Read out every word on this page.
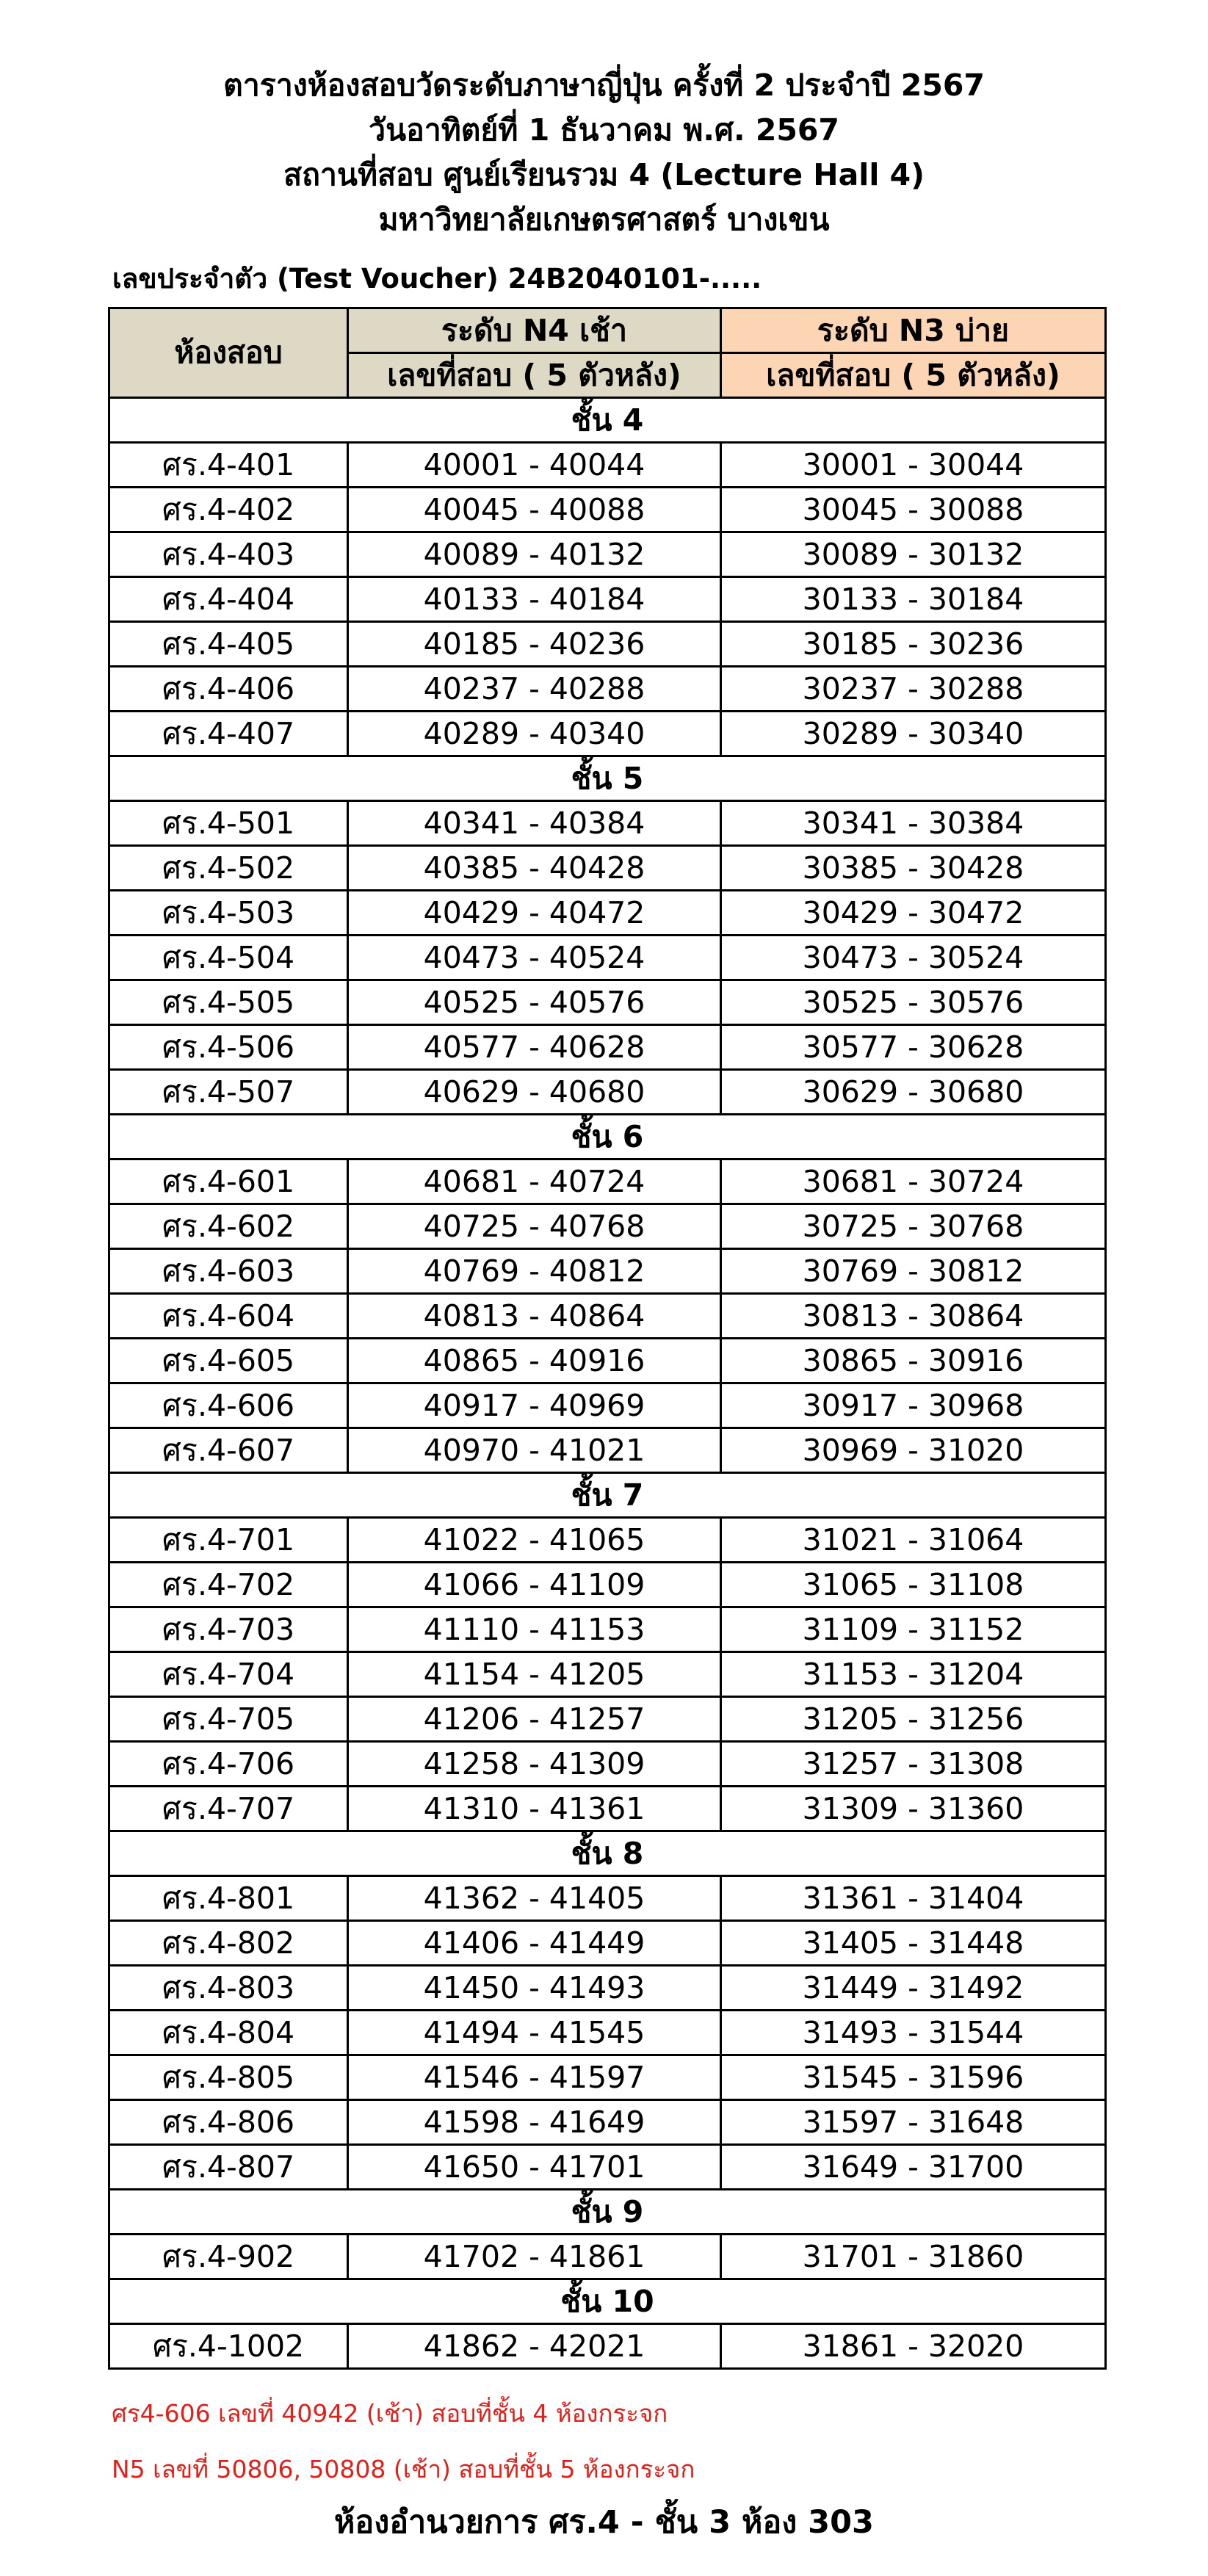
ตารางห้องสอบวัดระดับภาษาญี่ปุ่น ครั้งที่ 2 ประจำปี 2567

วันอาทิตย์ที่ 1 ธันวาคม พ.ศ. 2567

สถานที่สอบ ศูนย์เรียนรวม 4 (Lecture Hall 4)

มหาวิทยาลัยเกษตรศาสตร์ บางเขน

เลขประจำตัว (Test Voucher) 24B2040101-.....

ห้องสอบ	ระดับ N4 เช้า	ระดับ N3 บ่าย
	เลขที่สอบ ( 5 ตัวหลัง)	เลขที่สอบ ( 5 ตัวหลัง)
ชั้น 4		
ศร.4-401	40001 - 40044	30001 - 30044
ศร.4-402	40045 - 40088	30045 - 30088
ศร.4-403	40089 - 40132	30089 - 30132
ศร.4-404	40133 - 40184	30133 - 30184
ศร.4-405	40185 - 40236	30185 - 30236
ศร.4-406	40237 - 40288	30237 - 30288
ศร.4-407	40289 - 40340	30289 - 30340
ชั้น 5		
ศร.4-501	40341 - 40384	30341 - 30384
ศร.4-502	40385 - 40428	30385 - 30428
ศร.4-503	40429 - 40472	30429 - 30472
ศร.4-504	40473 - 40524	30473 - 30524
ศร.4-505	40525 - 40576	30525 - 30576
ศร.4-506	40577 - 40628	30577 - 30628
ศร.4-507	40629 - 40680	30629 - 30680
ชั้น 6		
ศร.4-601	40681 - 40724	30681 - 30724
ศร.4-602	40725 - 40768	30725 - 30768
ศร.4-603	40769 - 40812	30769 - 30812
ศร.4-604	40813 - 40864	30813 - 30864
ศร.4-605	40865 - 40916	30865 - 30916
ศร.4-606	40917 - 40969	30917 - 30968
ศร.4-607	40970 - 41021	30969 - 31020
ชั้น 7		
ศร.4-701	41022 - 41065	31021 - 31064
ศร.4-702	41066 - 41109	31065 - 31108
ศร.4-703	41110 - 41153	31109 - 31152
ศร.4-704	41154 - 41205	31153 - 31204
ศร.4-705	41206 - 41257	31205 - 31256
ศร.4-706	41258 - 41309	31257 - 31308
ศร.4-707	41310 - 41361	31309 - 31360
ชั้น 8		
ศร.4-801	41362 - 41405	31361 - 31404
ศร.4-802	41406 - 41449	31405 - 31448
ศร.4-803	41450 - 41493	31449 - 31492
ศร.4-804	41494 - 41545	31493 - 31544
ศร.4-805	41546 - 41597	31545 - 31596
ศร.4-806	41598 - 41649	31597 - 31648
ศร.4-807	41650 - 41701	31649 - 31700
ชั้น 9		
ศร.4-902	41702 - 41861	31701 - 31860
ชั้น 10		
ศร.4-1002	41862 - 42021	31861 - 32020

ศร4-606 เลขที่ 40942 (เช้า) สอบที่ชั้น 4 ห้องกระจก

N5 เลขที่ 50806, 50808 (เช้า) สอบที่ชั้น 5 ห้องกระจก

ห้องอำนวยการ ศร.4 - ชั้น 3 ห้อง 303
